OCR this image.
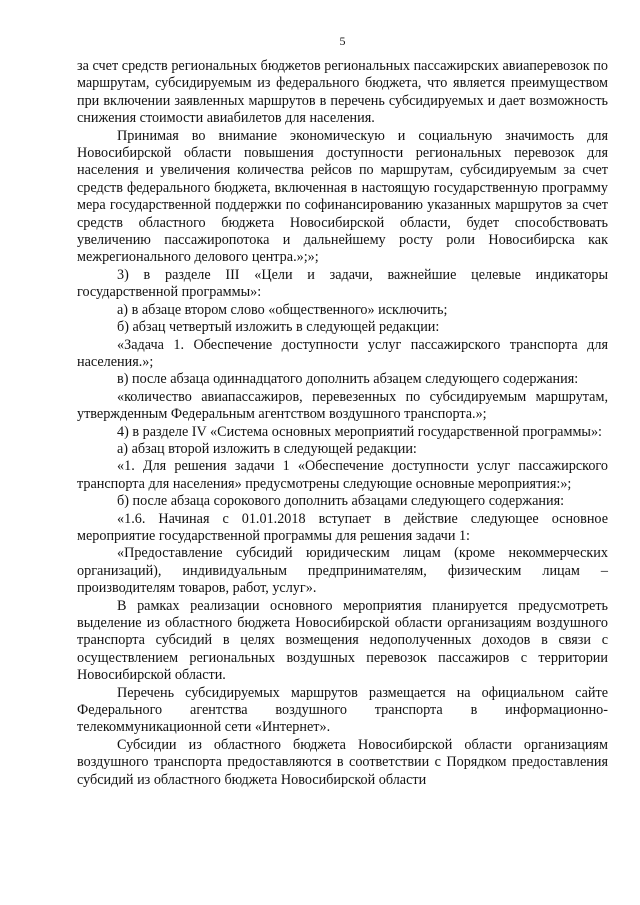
5

за счет средств региональных бюджетов региональных пассажирских авиаперевозок по маршрутам, субсидируемым из федерального бюджета, что является преимуществом при включении заявленных маршрутов в перечень субсидируемых и дает возможность снижения стоимости авиабилетов для населения.

Принимая во внимание экономическую и социальную значимость для Новосибирской области повышения доступности региональных перевозок для населения и увеличения количества рейсов по маршрутам, субсидируемым за счет средств федерального бюджета, включенная в настоящую государственную программу мера государственной поддержки по софинансированию указанных маршрутов за счет средств областного бюджета Новосибирской области, будет способствовать увеличению пассажиропотока и дальнейшему росту роли Новосибирска как межрегионального делового центра.»;»;

3) в разделе III «Цели и задачи, важнейшие целевые индикаторы государственной программы»:

а) в абзаце втором слово «общественного» исключить;

б) абзац четвертый изложить в следующей редакции:

«Задача 1. Обеспечение доступности услуг пассажирского транспорта для населения.»;

в) после абзаца одиннадцатого дополнить абзацем следующего содержания:

«количество авиапассажиров, перевезенных по субсидируемым маршрутам, утвержденным Федеральным агентством воздушного транспорта.»;

4) в разделе IV «Система основных мероприятий государственной программы»:

а) абзац второй изложить в следующей редакции:

«1. Для решения задачи 1 «Обеспечение доступности услуг пассажирского транспорта для населения» предусмотрены следующие основные мероприятия:»;

б) после абзаца сорокового дополнить абзацами следующего содержания:

«1.6. Начиная с 01.01.2018 вступает в действие следующее основное мероприятие государственной программы для решения задачи 1:

«Предоставление субсидий юридическим лицам (кроме некоммерческих организаций), индивидуальным предпринимателям, физическим лицам – производителям товаров, работ, услуг».

В рамках реализации основного мероприятия планируется предусмотреть выделение из областного бюджета Новосибирской области организациям воздушного транспорта субсидий в целях возмещения недополученных доходов в связи с осуществлением региональных воздушных перевозок пассажиров с территории Новосибирской области.

Перечень субсидируемых маршрутов размещается на официальном сайте Федерального агентства воздушного транспорта в информационно-телекоммуникационной сети «Интернет».

Субсидии из областного бюджета Новосибирской области организациям воздушного транспорта предоставляются в соответствии с Порядком предоставления субсидий из областного бюджета Новосибирской области
